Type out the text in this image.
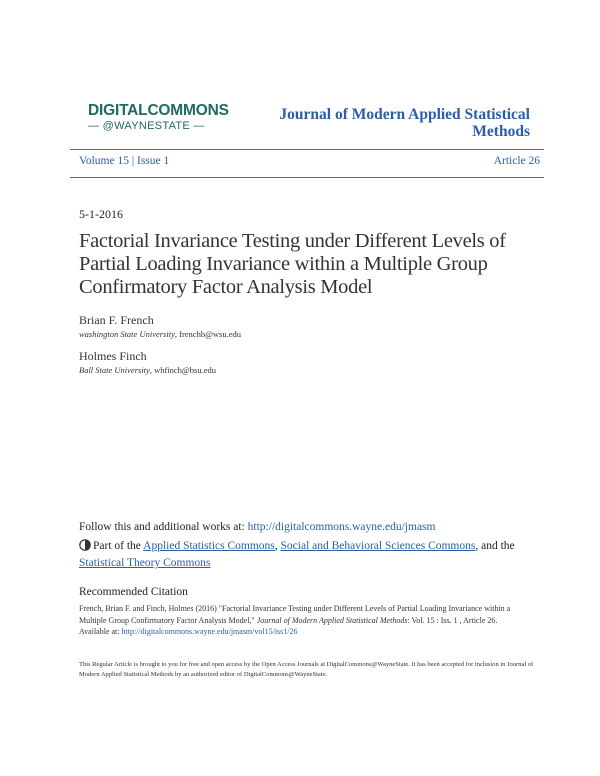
DIGITALCOMMONS
— @WAYNESTATE —
Journal of Modern Applied Statistical
Methods
Volume 15 | Issue 1	Article 26
5-1-2016
Factorial Invariance Testing under Different Levels of Partial Loading Invariance within a Multiple Group Confirmatory Factor Analysis Model
Brian F. French
washington State University, frenchb@wsu.edu
Holmes Finch
Ball State University, whfinch@bsu.edu
Follow this and additional works at: http://digitalcommons.wayne.edu/jmasm
Part of the Applied Statistics Commons, Social and Behavioral Sciences Commons, and the
Statistical Theory Commons
Recommended Citation
French, Brian F. and Finch, Holmes (2016) "Factorial Invariance Testing under Different Levels of Partial Loading Invariance within a Multiple Group Confirmatory Factor Analysis Model," Journal of Modern Applied Statistical Methods: Vol. 15 : Iss. 1 , Article 26.
Available at: http://digitalcommons.wayne.edu/jmasm/vol15/iss1/26
This Regular Article is brought to you for free and open access by the Open Access Journals at DigitalCommons@WayneState. It has been accepted for inclusion in Journal of Modern Applied Statistical Methods by an authorized editor of DigitalCommons@WayneState.
